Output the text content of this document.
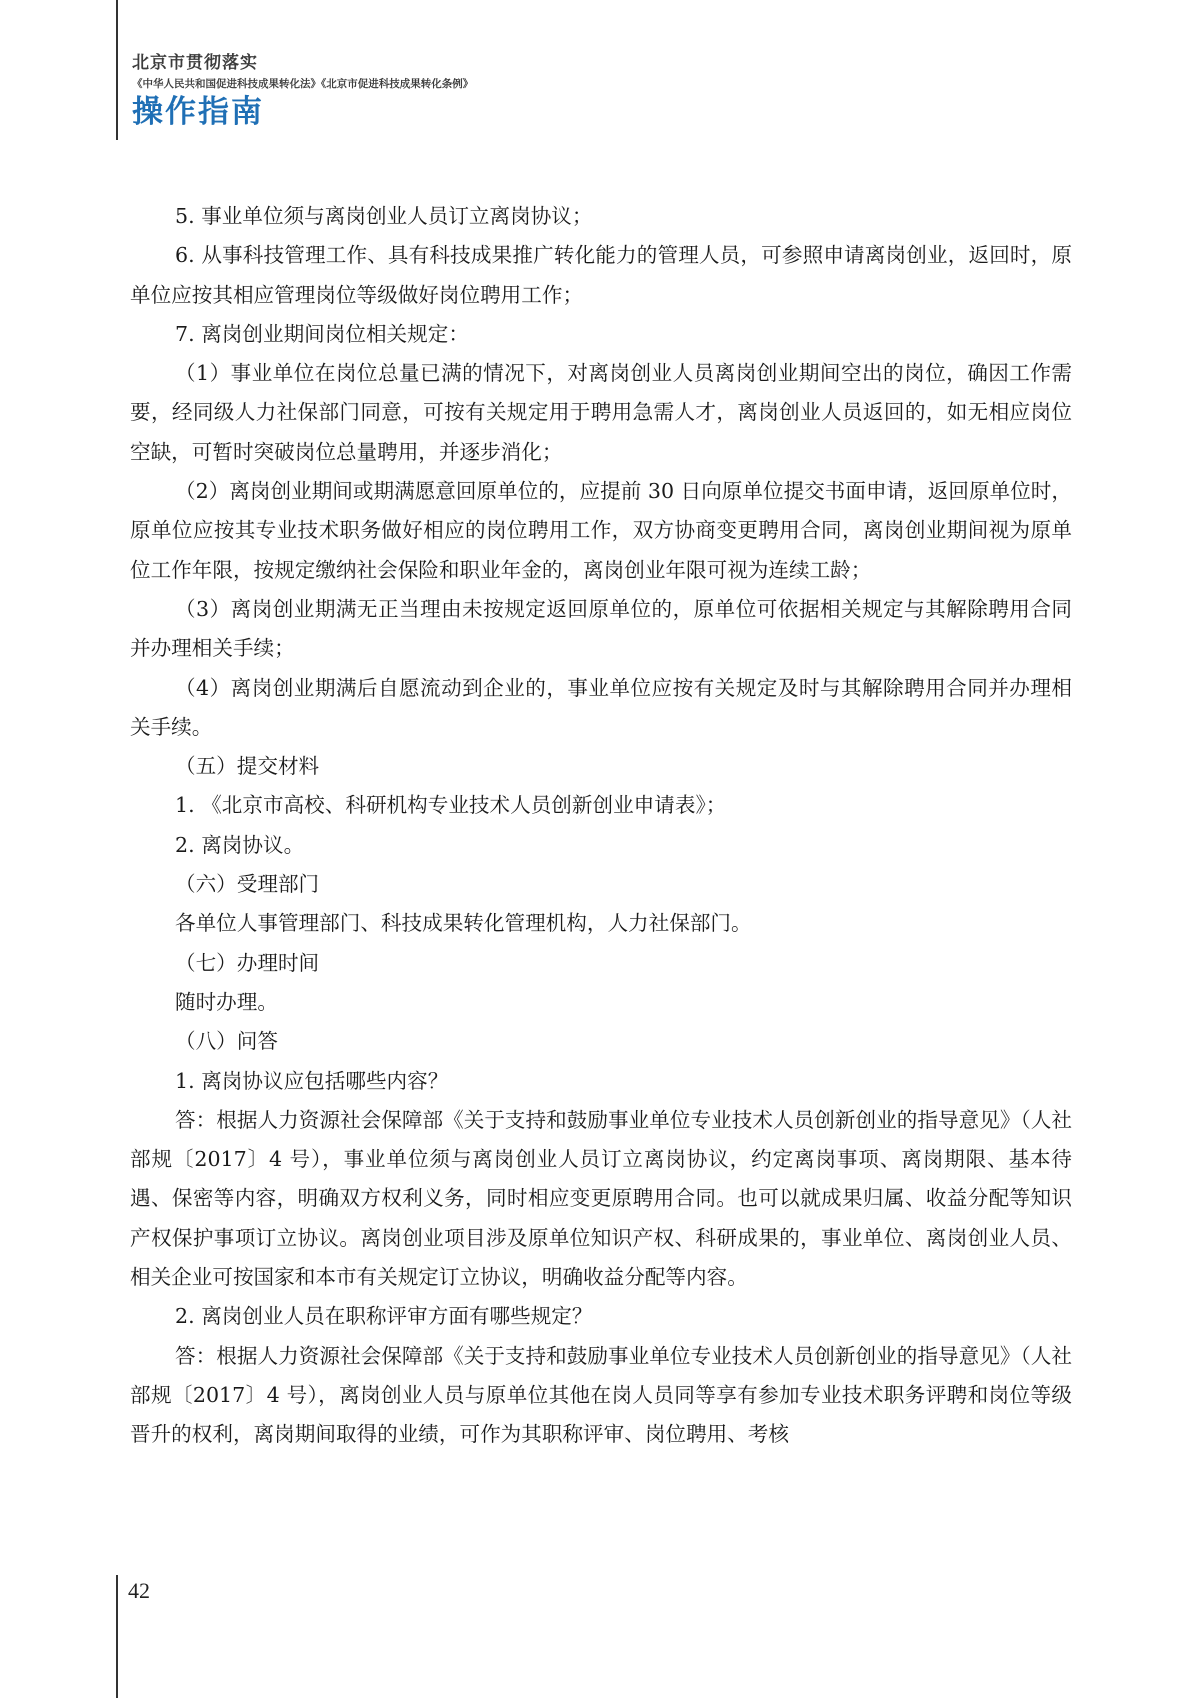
北京市贯彻落实
《中华人民共和国促进科技成果转化法》《北京市促进科技成果转化条例》
操作指南

5. 事业单位须与离岗创业人员订立离岗协议；

6. 从事科技管理工作、具有科技成果推广转化能力的管理人员，可参照申请离岗创业，返回时，原单位应按其相应管理岗位等级做好岗位聘用工作；

7. 离岗创业期间岗位相关规定：

（1）事业单位在岗位总量已满的情况下，对离岗创业人员离岗创业期间空出的岗位，确因工作需要，经同级人力社保部门同意，可按有关规定用于聘用急需人才，离岗创业人员返回的，如无相应岗位空缺，可暂时突破岗位总量聘用，并逐步消化；

（2）离岗创业期间或期满愿意回原单位的，应提前 30 日向原单位提交书面申请，返回原单位时，原单位应按其专业技术职务做好相应的岗位聘用工作，双方协商变更聘用合同，离岗创业期间视为原单位工作年限，按规定缴纳社会保险和职业年金的，离岗创业年限可视为连续工龄；

（3）离岗创业期满无正当理由未按规定返回原单位的，原单位可依据相关规定与其解除聘用合同并办理相关手续；

（4）离岗创业期满后自愿流动到企业的，事业单位应按有关规定及时与其解除聘用合同并办理相关手续。

（五）提交材料

1. 《北京市高校、科研机构专业技术人员创新创业申请表》；

2. 离岗协议。

（六）受理部门

各单位人事管理部门、科技成果转化管理机构，人力社保部门。

（七）办理时间

随时办理。

（八）问答

1. 离岗协议应包括哪些内容？

答：根据人力资源社会保障部《关于支持和鼓励事业单位专业技术人员创新创业的指导意见》（人社部规〔2017〕4 号），事业单位须与离岗创业人员订立离岗协议，约定离岗事项、离岗期限、基本待遇、保密等内容，明确双方权利义务，同时相应变更原聘用合同。也可以就成果归属、收益分配等知识产权保护事项订立协议。离岗创业项目涉及原单位知识产权、科研成果的，事业单位、离岗创业人员、相关企业可按国家和本市有关规定订立协议，明确收益分配等内容。

2. 离岗创业人员在职称评审方面有哪些规定？

答：根据人力资源社会保障部《关于支持和鼓励事业单位专业技术人员创新创业的指导意见》（人社部规〔2017〕4 号），离岗创业人员与原单位其他在岗人员同等享有参加专业技术职务评聘和岗位等级晋升的权利，离岗期间取得的业绩，可作为其职称评审、岗位聘用、考核

42
